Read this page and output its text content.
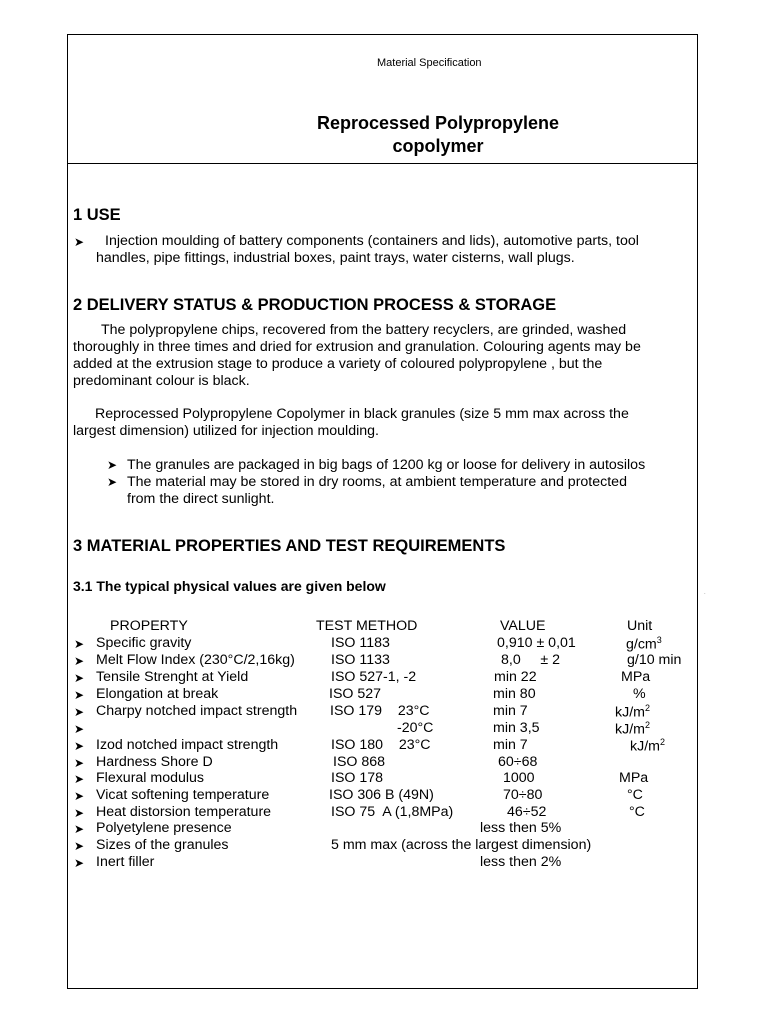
Material Specification
Reprocessed Polypropylene
copolymer
1 USE
➤ Injection moulding of battery components (containers and lids), automotive parts, tool
handles, pipe fittings, industrial boxes, paint trays, water cisterns, wall plugs.
2 DELIVERY STATUS & PRODUCTION PROCESS & STORAGE
The polypropylene chips, recovered from the battery recyclers, are grinded, washed
thoroughly in three times and dried for extrusion and granulation. Colouring agents may be
added at the extrusion stage to produce a variety of coloured polypropylene , but the
predominant colour is black.
Reprocessed Polypropylene Copolymer in black granules (size 5 mm max across the
largest dimension) utilized for injection moulding.
➤ The granules are packaged in big bags of 1200 kg or loose for delivery in autosilos
➤ The material may be stored in dry rooms, at ambient temperature and protected
from the direct sunlight.
3 MATERIAL PROPERTIES AND TEST REQUIREMENTS
3.1 The typical physical values are given below
PROPERTY	TEST METHOD	VALUE	Unit
➤ Specific gravity	ISO 1183	0,910 ± 0,01	$g/cm^3$
➤ Melt Flow Index (230°C/2,16kg)	ISO 1133	8,0     ± 2	g/10 min
➤ Tensile Strenght at Yield	ISO 527-1, -2	min 22	MPa
➤ Elongation at break	ISO 527	min 80	%
➤ Charpy notched impact strength ISO 179    23°C	min 7	$kJ/m^2$
➤	-20°C	min 3,5	$kJ/m^2$
➤ Izod notched impact strength	ISO 180    23°C	min 7	$kJ/m^2$
➤ Hardness Shore D	ISO 868	60÷68
➤ Flexural modulus	ISO 178	1000	MPa
➤ Vicat softening temperature	ISO 306 B (49N)	70÷80	°C
➤ Heat distorsion temperature	ISO 75  A (1,8MPa)	46÷52	°C
➤ Polyetylene presence	less then 5%
➤ Sizes of the granules	5 mm max (across the largest dimension)
➤ Inert filler	less then 2%
.
